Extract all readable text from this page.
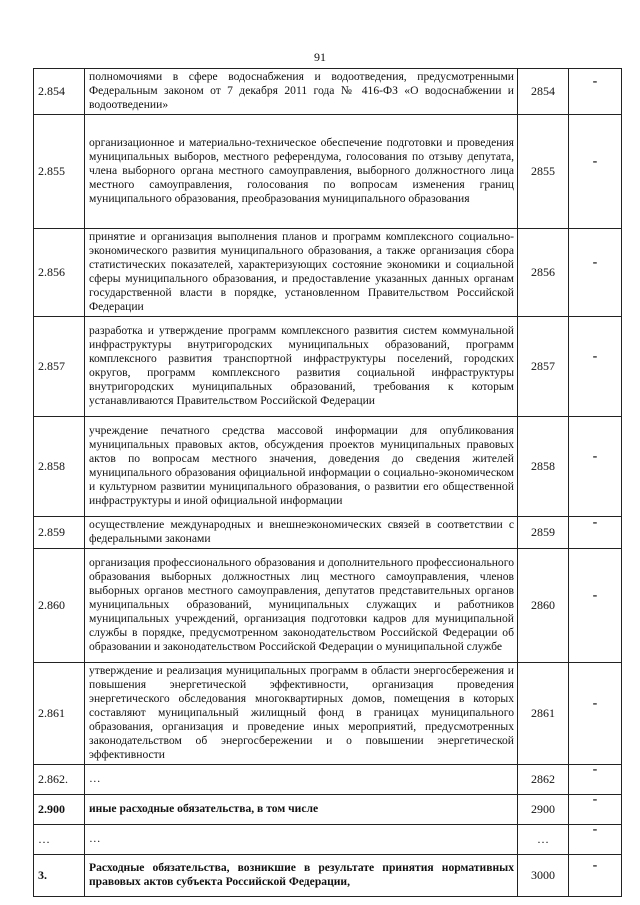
91
2.854	полномочиями в сфере водоснабжения и водоотведения, предусмотренными Федеральным законом от 7 декабря 2011 года № 416-ФЗ «О водоснабжении и водоотведении»	2854	-
2.855	организационное и материально-техническое обеспечение подготовки и проведения муниципальных выборов, местного референдума, голосования по отзыву депутата, члена выборного органа местного самоуправления, выборного должностного лица местного самоуправления, голосования по вопросам изменения границ муниципального образования, преобразования муниципального образования	2855	-
2.856	принятие и организация выполнения планов и программ комплексного социально-экономического развития муниципального образования, а также организация сбора статистических показателей, характеризующих состояние экономики и социальной сферы муниципального образования, и предоставление указанных данных органам государственной власти в порядке, установленном Правительством Российской Федерации	2856	-
2.857	разработка и утверждение программ комплексного развития систем коммунальной инфраструктуры внутригородских муниципальных образований, программ комплексного развития транспортной инфраструктуры поселений, городских округов, программ комплексного развития социальной инфраструктуры внутригородских муниципальных образований, требования к которым устанавливаются Правительством Российской Федерации	2857	-
2.858	учреждение печатного средства массовой информации для опубликования муниципальных правовых актов, обсуждения проектов муниципальных правовых актов по вопросам местного значения, доведения до сведения жителей муниципального образования официальной информации о социально-экономическом и культурном развитии муниципального образования, о развитии его общественной инфраструктуры и иной официальной информации	2858	-
2.859	осуществление международных и внешнеэкономических связей в соответствии с федеральными законами	2859	-
2.860	организация профессионального образования и дополнительного профессионального образования выборных должностных лиц местного самоуправления, членов выборных органов местного самоуправления, депутатов представительных органов муниципальных образований, муниципальных служащих и работников муниципальных учреждений, организация подготовки кадров для муниципальной службы в порядке, предусмотренном законодательством Российской Федерации об образовании и законодательством Российской Федерации о муниципальной службе	2860	-
2.861	утверждение и реализация муниципальных программ в области энергосбережения и повышения энергетической эффективности, организация проведения энергетического обследования многоквартирных домов, помещения в которых составляют муниципальный жилищный фонд в границах муниципального образования, организация и проведение иных мероприятий, предусмотренных законодательством об энергосбережении и о повышении энергетической эффективности	2861	-
2.862.	…	2862	-
2.900	иные расходные обязательства, в том числе	2900	-
…	…	…	-
3.	Расходные обязательства, возникшие в результате принятия нормативных правовых актов субъекта Российской Федерации,	3000	-
